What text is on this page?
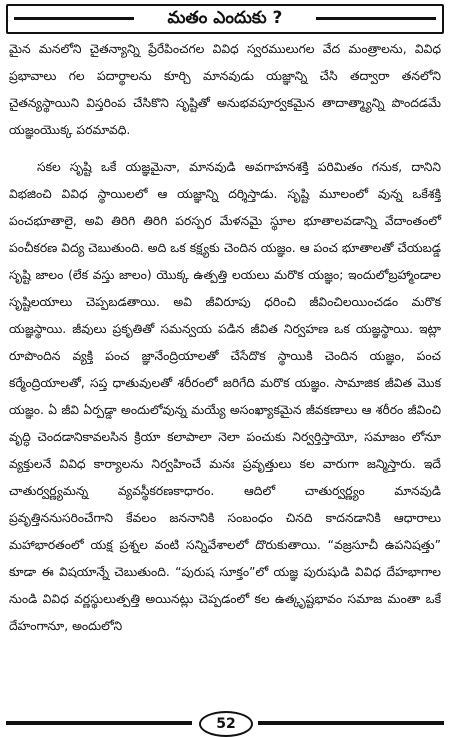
మతం ఎందుకు ?

మైన మనలోని చైతన్యాన్ని ప్రేరేపించగల వివిధ స్వరములుగల వేద మంత్రాలను, వివిధ ప్రభావాలు గల పదార్థాలను కూర్చి మానవుడు యజ్ఞాన్ని చేసి తద్వారా తనలోని చైతన్యస్థాయిని విస్తరింప చేసికొని సృష్టితో అనుభవపూర్వకమైన తాదాత్మ్యాన్ని పొందడమే యజ్ఞంయొక్క పరమావధి.

సకల సృష్టి ఒకే యజ్ఞమైనా, మానవుడి అవగాహనశక్తి పరిమితం గనుక, దానిని విభజించి వివిధ స్థాయిలలో ఆ యజ్ఞాన్ని దర్శిస్తాడు. సృష్టి మూలంలో వున్న ఒకేశక్తి పంచభూతాలై, అవి తిరిగి తిరిగి పరస్పర మేళనమై స్థూల భూతాలవడాన్ని వేదాంతంలో పంచీకరణ విద్య చెబుతుంది. అది ఒక కక్ష్యకు చెందిన యజ్ఞం. ఆ పంచ భూతాలతో చేయబడ్డ సృష్టి జాలం (లేక వస్తు జాలం) యొక్క ఉత్పత్తి లయలు మరొక యజ్ఞం; ఇందులోబ్రహ్మాండాల సృష్టిలయాలు చెప్పబడతాయి. అవి జీవిరూపు ధరించి జీవించిలయించడం మరొక యజ్ఞస్థాయి. జీవులు ప్రకృతితో సమన్వయ పడిన జీవిత నిర్వహణ ఒక యజ్ఞస్థాయి. ఇట్లా రూపొందిన వ్యక్తి పంచ జ్ఞానేంద్రియాలతో చేసేదొక స్థాయికి చెందిన యజ్ఞం, పంచ కర్మేంద్రియాలతో, సప్త ధాతువులతో శరీరంలో జరిగేది మరొక యజ్ఞం. సామాజిక జీవిత మొక యజ్ఞం. ఏ జీవి ఏర్పడ్డా అందులోవున్న మయ్యే అసంఖ్యాకమైన జీవకణాలు ఆ శరీరం జీవించి వృద్ధి చెందడానికావలసిన క్రియా కలాపాలా నెలా పంచుకు నిర్వర్తిస్తాయో, సమాజం లోనూ వ్యక్తులనే వివిధ కార్యాలను నిర్వహించే మనః ప్రవృత్తులు కల వారుగా జన్మిస్తారు. ఇదే చాతుర్వర్ణ్యమన్న వ్యవస్థీకరణకాధారం. ఆదిలో చాతుర్వర్ణ్యం మానవుడి ప్రవృత్తిననుసరించేగాని కేవలం జననానికి సంబంధం చినది కాదనడానికి ఆధారాలు మహాభారతంలో యక్ష ప్రశ్నల వంటి సన్నివేశాలలో దొరుకుతాయి. “వజ్రసూచీ ఉపనిషత్తు” కూడా ఈ విషయాన్నే చెబుతుంది. “పురుష సూక్తం”లో యజ్ఞ పురుషుడి వివిధ దేహభాగాల నుండి వివిధ వర్ణస్థులుత్పత్తి అయినట్లు చెప్పడంలో కల ఉత్కృష్టభావం సమాజ మంతా ఒకే దేహంగానూ, అందులోని

52
